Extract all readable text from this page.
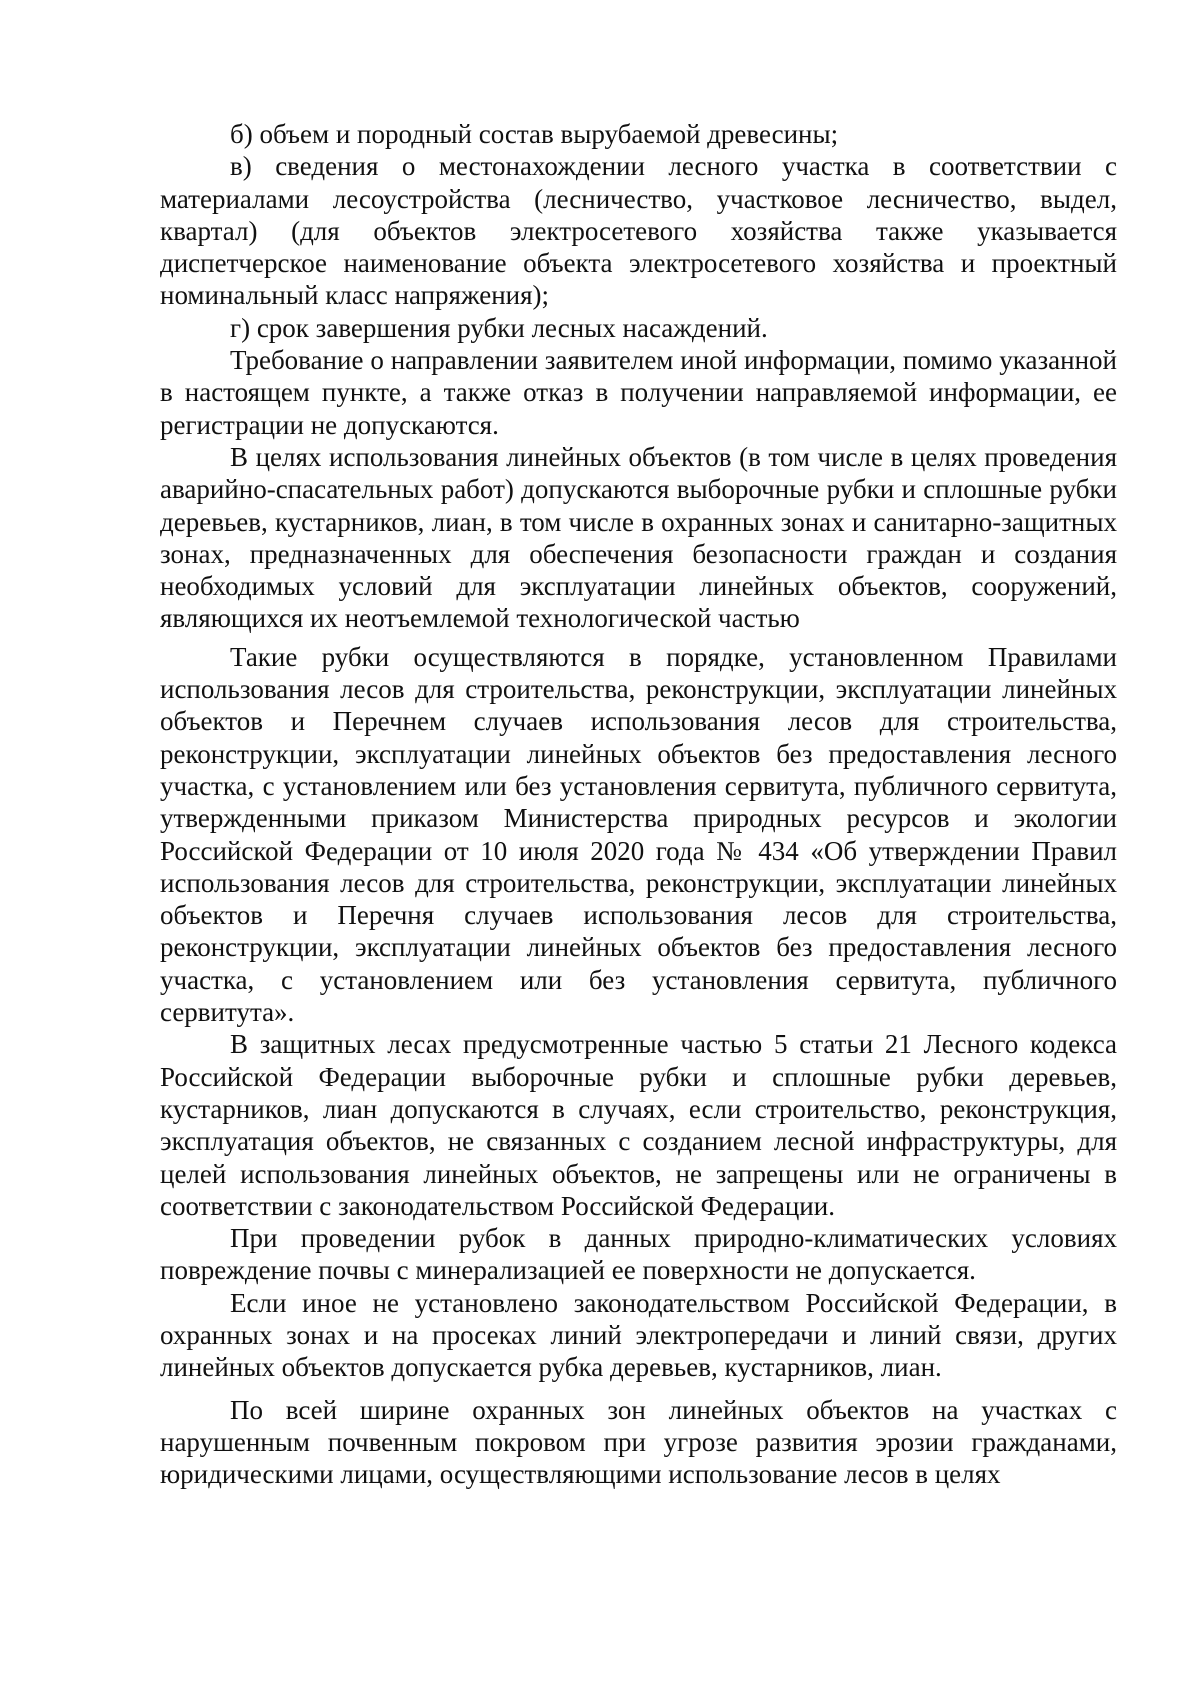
б) объем и породный состав вырубаемой древесины;

в) сведения о местонахождении лесного участка в соответствии с материалами лесоустройства (лесничество, участковое лесничество, выдел, квартал) (для объектов электросетевого хозяйства также указывается диспетчерское наименование объекта электросетевого хозяйства и проектный номинальный класс напряжения);

г) срок завершения рубки лесных насаждений.

Требование о направлении заявителем иной информации, помимо указанной в настоящем пункте, а также отказ в получении направляемой информации, ее регистрации не допускаются.

В целях использования линейных объектов (в том числе в целях проведения аварийно-спасательных работ) допускаются выборочные рубки и сплошные рубки деревьев, кустарников, лиан, в том числе в охранных зонах и санитарно-защитных зонах, предназначенных для обеспечения безопасности граждан и создания необходимых условий для эксплуатации линейных объектов, сооружений, являющихся их неотъемлемой технологической частью

Такие рубки осуществляются в порядке, установленном Правилами использования лесов для строительства, реконструкции, эксплуатации линейных объектов и Перечнем случаев использования лесов для строительства, реконструкции, эксплуатации линейных объектов без предоставления лесного участка, с установлением или без установления сервитута, публичного сервитута, утвержденными приказом Министерства природных ресурсов и экологии Российской Федерации от 10 июля 2020 года № 434 «Об утверждении Правил использования лесов для строительства, реконструкции, эксплуатации линейных объектов и Перечня случаев использования лесов для строительства, реконструкции, эксплуатации линейных объектов без предоставления лесного участка, с установлением или без установления сервитута, публичного сервитута».

В защитных лесах предусмотренные частью 5 статьи 21 Лесного кодекса Российской Федерации выборочные рубки и сплошные рубки деревьев, кустарников, лиан допускаются в случаях, если строительство, реконструкция, эксплуатация объектов, не связанных с созданием лесной инфраструктуры, для целей использования линейных объектов, не запрещены или не ограничены в соответствии с законодательством Российской Федерации.

При проведении рубок в данных природно-климатических условиях повреждение почвы с минерализацией ее поверхности не допускается.

Если иное не установлено законодательством Российской Федерации, в охранных зонах и на просеках линий электропередачи и линий связи, других линейных объектов допускается рубка деревьев, кустарников, лиан.

По всей ширине охранных зон линейных объектов на участках с нарушенным почвенным покровом при угрозе развития эрозии гражданами, юридическими лицами, осуществляющими использование лесов в целях
